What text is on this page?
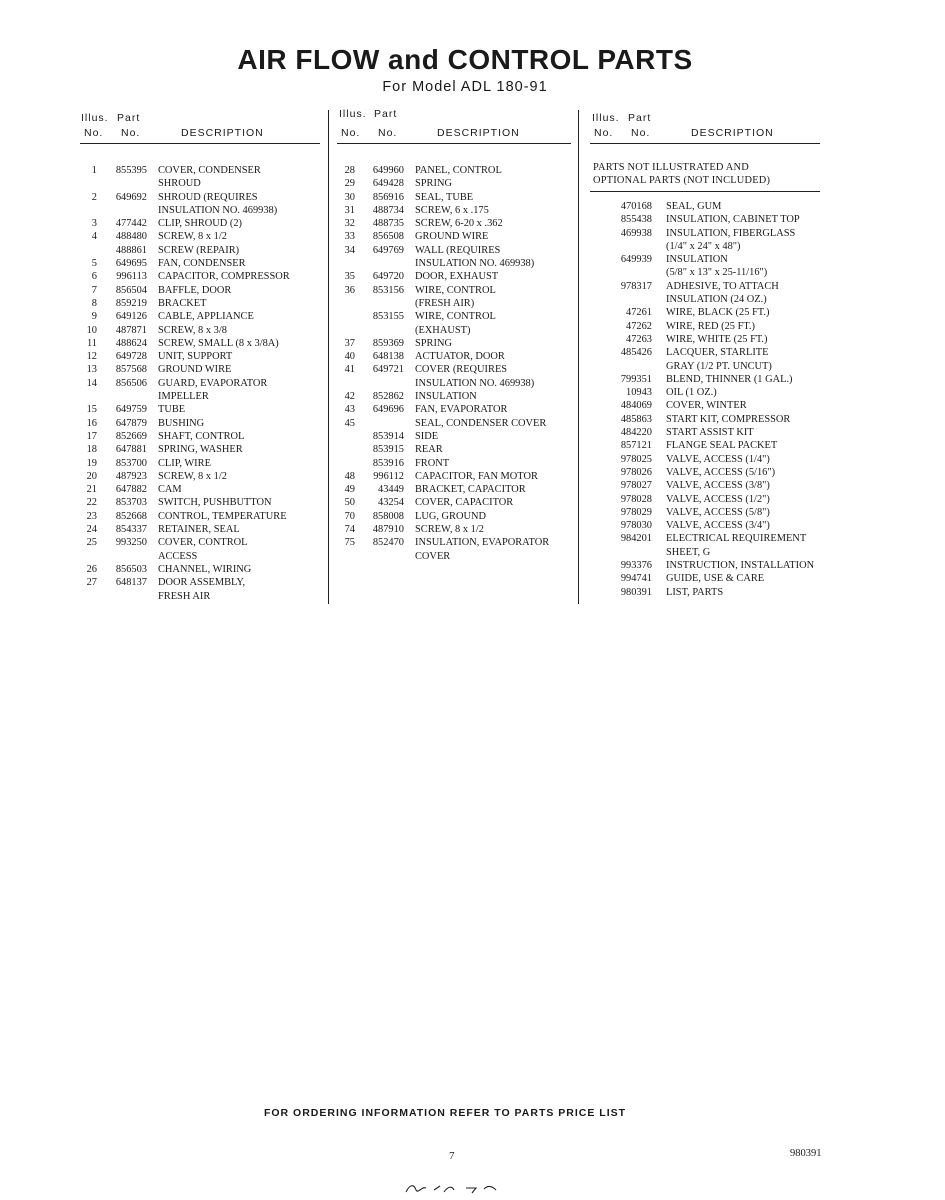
AIR FLOW and CONTROL PARTS
For Model ADL 180-91
Illus. Part
No. No.	DESCRIPTION
Illus. Part
No. No.	DESCRIPTION
Illus. Part
No. No.	DESCRIPTION
PARTS NOT ILLUSTRATED AND
OPTIONAL PARTS (NOT INCLUDED)
1	855395 COVER, CONDENSER
SHROUD
2	649692 SHROUD (REQUIRES
INSULATION NO. 469938)
3	477442 CLIP, SHROUD (2)
4	488480 SCREW, 8 x 1/2
488861 SCREW (REPAIR)
5	649695 FAN, CONDENSER
6	996113 CAPACITOR, COMPRESSOR
7	856504 BAFFLE, DOOR
8	859219 BRACKET
9	649126 CABLE, APPLIANCE
10	487871 SCREW, 8 x 3/8
11	488624 SCREW, SMALL (8 x 3/8A)
12	649728 UNIT, SUPPORT
13	857568 GROUND WIRE
14	856506 GUARD, EVAPORATOR
IMPELLER
15	649759 TUBE
16	647879 BUSHING
17	852669 SHAFT, CONTROL
18	647881 SPRING, WASHER
19	853700 CLIP, WIRE
20	487923 SCREW, 8 x 1/2
21	647882 CAM
22	853703 SWITCH, PUSHBUTTON
23	852668 CONTROL, TEMPERATURE
24	854337 RETAINER, SEAL
25	993250 COVER, CONTROL
ACCESS
26	856503 CHANNEL, WIRING
27	648137 DOOR ASSEMBLY,
FRESH AIR
28	649960 PANEL, CONTROL
29	649428 SPRING
30	856916 SEAL, TUBE
31	488734 SCREW, 6 x .175
32	488735 SCREW, 6-20 x .362
33	856508 GROUND WIRE
34	649769 WALL (REQUIRES
INSULATION NO. 469938)
35	649720 DOOR, EXHAUST
36	853156 WIRE, CONTROL
(FRESH AIR)
853155 WIRE, CONTROL
(EXHAUST)
37	859369 SPRING
40	648138 ACTUATOR, DOOR
41	649721 COVER (REQUIRES
INSULATION NO. 469938)
42	852862 INSULATION
43	649696 FAN, EVAPORATOR
45	SEAL, CONDENSER COVER
853914 SIDE
853915 REAR
853916 FRONT
48	996112 CAPACITOR, FAN MOTOR
49	43449 BRACKET, CAPACITOR
50	43254 COVER, CAPACITOR
70	858008 LUG, GROUND
74	487910 SCREW, 8 x 1/2
75	852470 INSULATION, EVAPORATOR
COVER
470168 SEAL, GUM
855438 INSULATION, CABINET TOP
469938 INSULATION, FIBERGLASS
(1/4" x 24" x 48")
649939 INSULATION
(5/8" x 13" x 25-11/16")
978317 ADHESIVE, TO ATTACH
INSULATION (24 OZ.)
47261 WIRE, BLACK (25 FT.)
47262 WIRE, RED (25 FT.)
47263 WIRE, WHITE (25 FT.)
485426 LACQUER, STARLITE
GRAY (1/2 PT. UNCUT)
799351 BLEND, THINNER (1 GAL.)
10943 OIL (1 OZ.)
484069 COVER, WINTER
485863 START KIT, COMPRESSOR
484220 START ASSIST KIT
857121 FLANGE SEAL PACKET
978025 VALVE, ACCESS (1/4")
978026 VALVE, ACCESS (5/16")
978027 VALVE, ACCESS (3/8")
978028 VALVE, ACCESS (1/2")
978029 VALVE, ACCESS (5/8")
978030 VALVE, ACCESS (3/4")
984201 ELECTRICAL REQUIREMENT
SHEET, G
993376 INSTRUCTION, INSTALLATION
994741 GUIDE, USE & CARE
980391 LIST, PARTS
FOR ORDERING INFORMATION REFER TO PARTS PRICE LIST
7	980391
